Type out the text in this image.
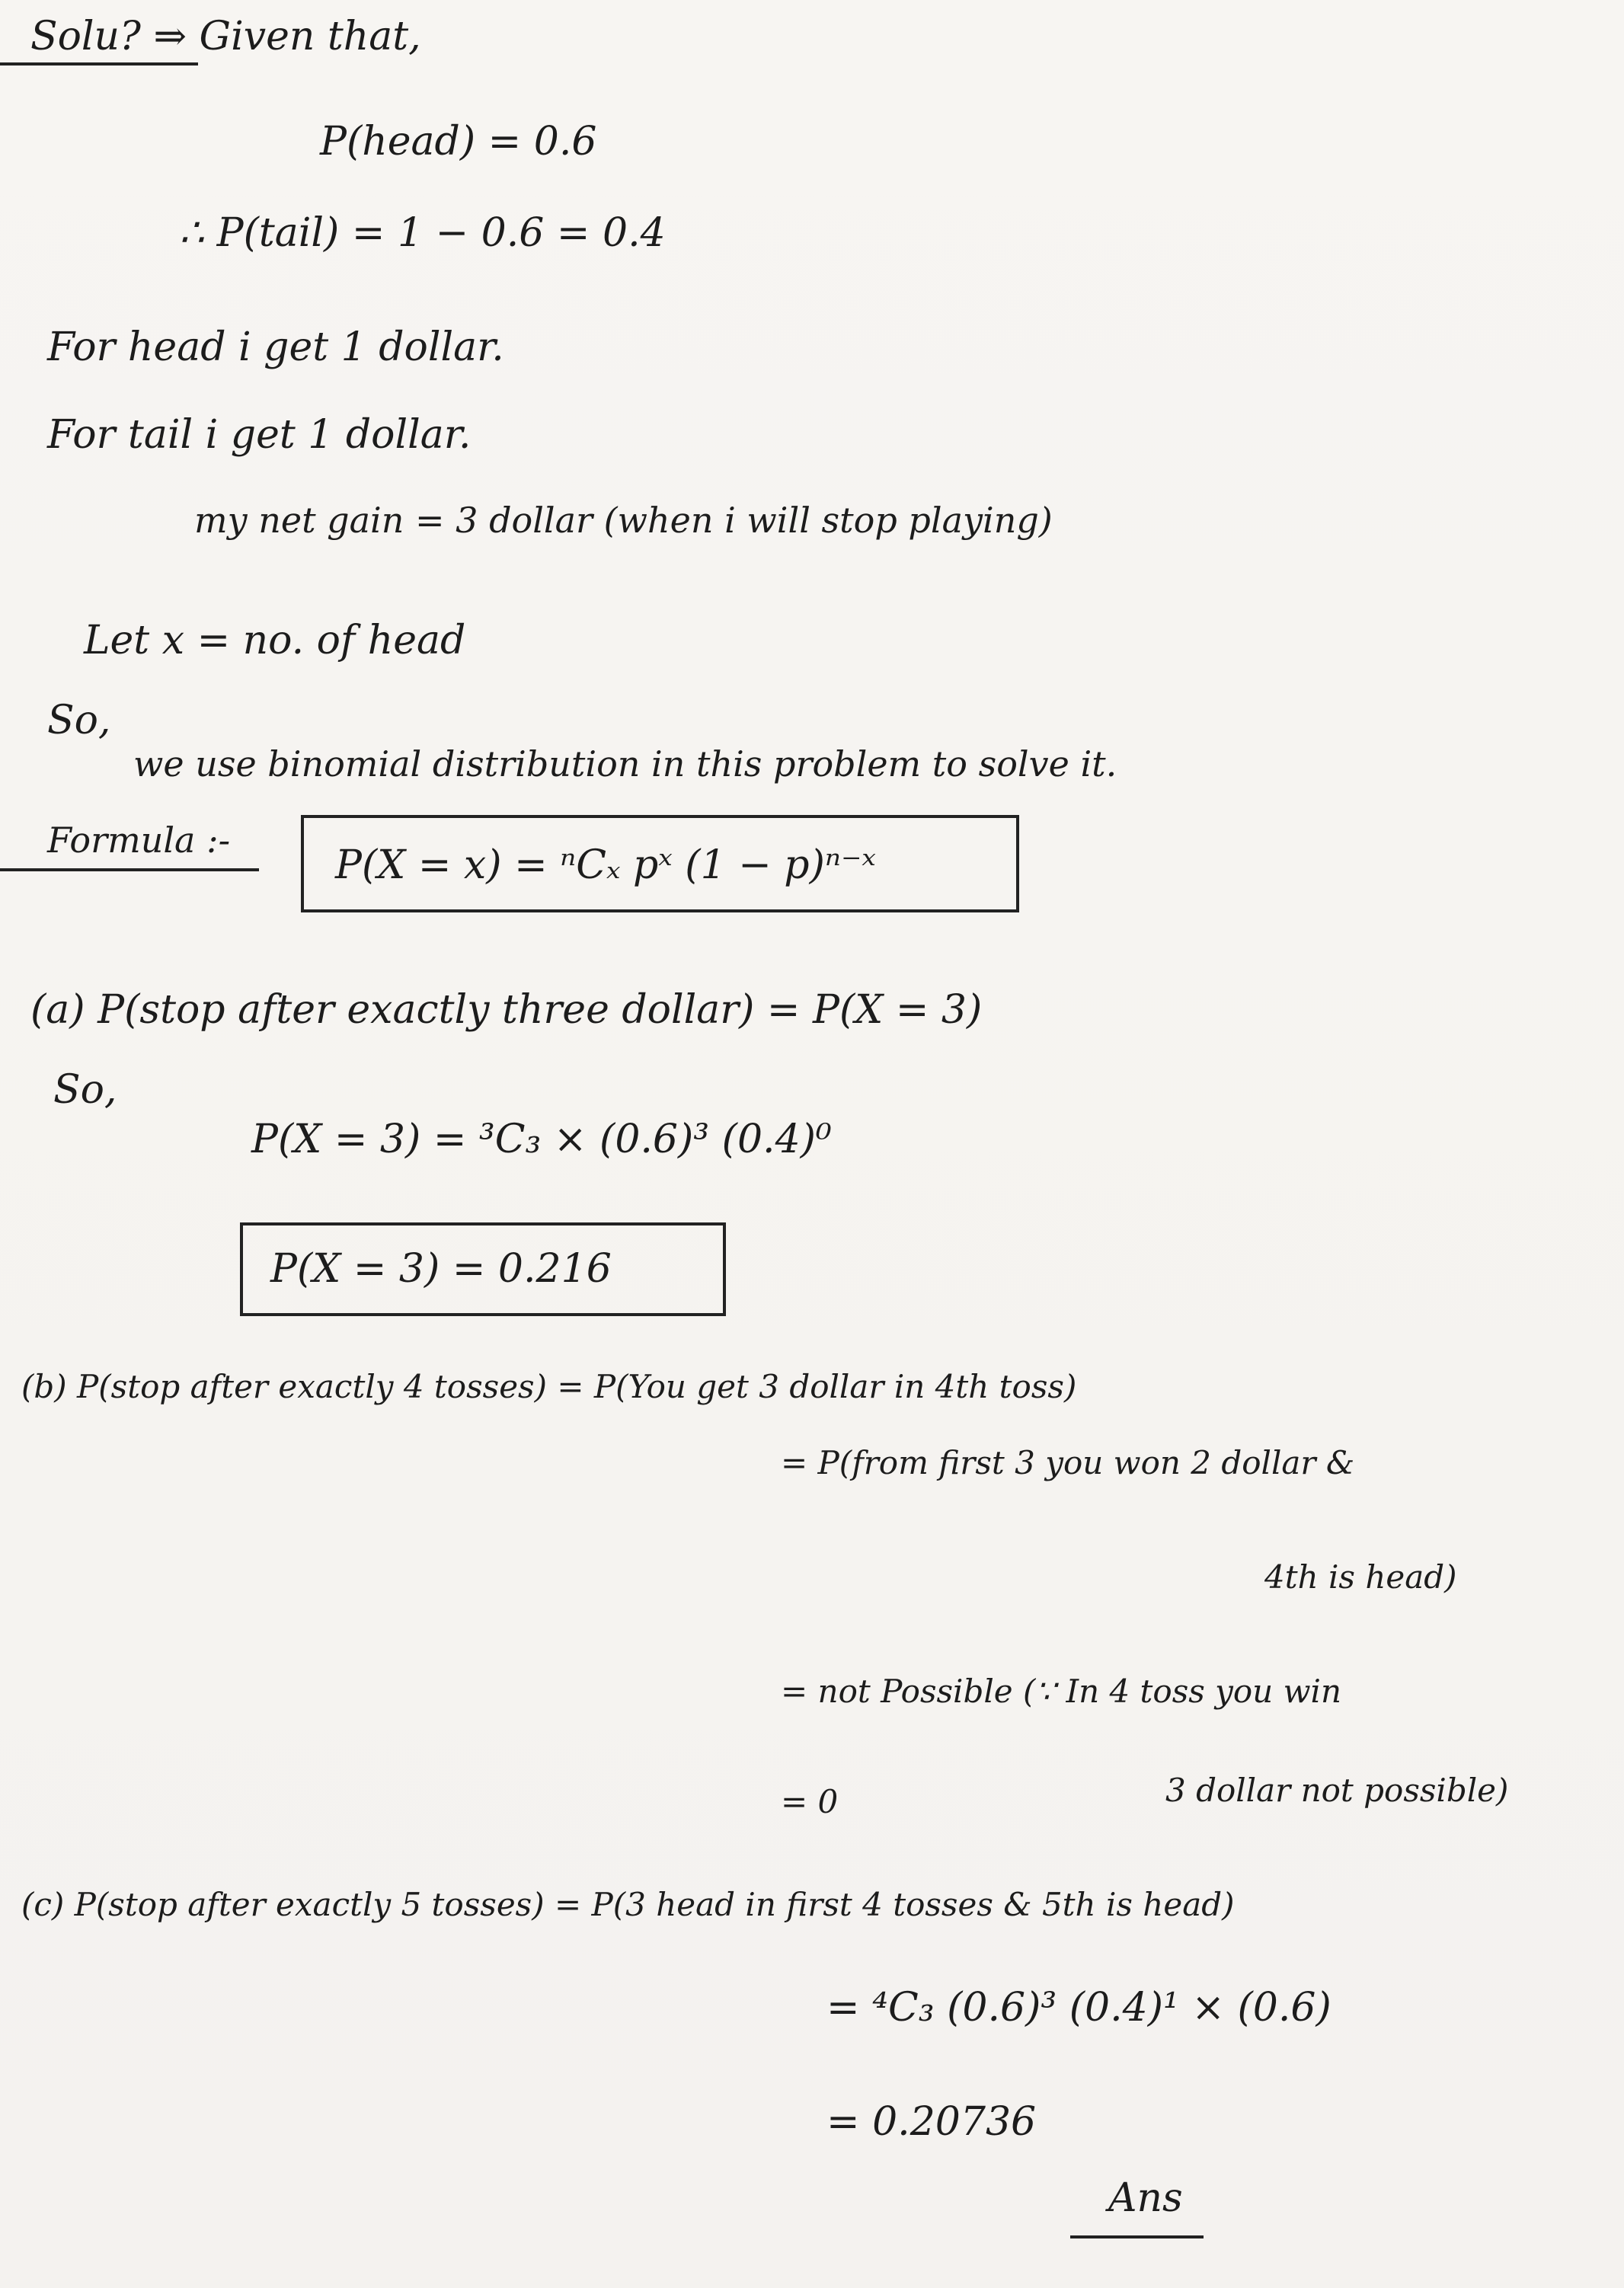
Solu? ⇒ Given that,
P(head) = 0.6
∴ P(tail) = 1 − 0.6 = 0.4
For head i get 1 dollar.
For tail i get 1 dollar.
my net gain = 3 dollar (when i will stop playing)
Let x = no. of head
So,
we use binomial distribution in this problem to solve it.
Formula :-
P(X = x) = ⁿCₓ pˣ (1 − p)ⁿ⁻ˣ
(a) P(stop after exactly three dollar) = P(X = 3)
So,
P(X = 3) = ³C₃ × (0.6)³ (0.4)⁰
P(X = 3) = 0.216
(b) P(stop after exactly 4 tosses) = P(You get 3 dollar in 4th toss)
= P(from first 3 you won 2 dollar &
4th is head)
= not Possible (∵ In 4 toss you win
= 0	3 dollar not possible)
(c) P(stop after exactly 5 tosses) = P(3 head in first 4 tosses & 5th is head)
= ⁴C₃ (0.6)³ (0.4)¹ × (0.6)
= 0.20736
Ans
